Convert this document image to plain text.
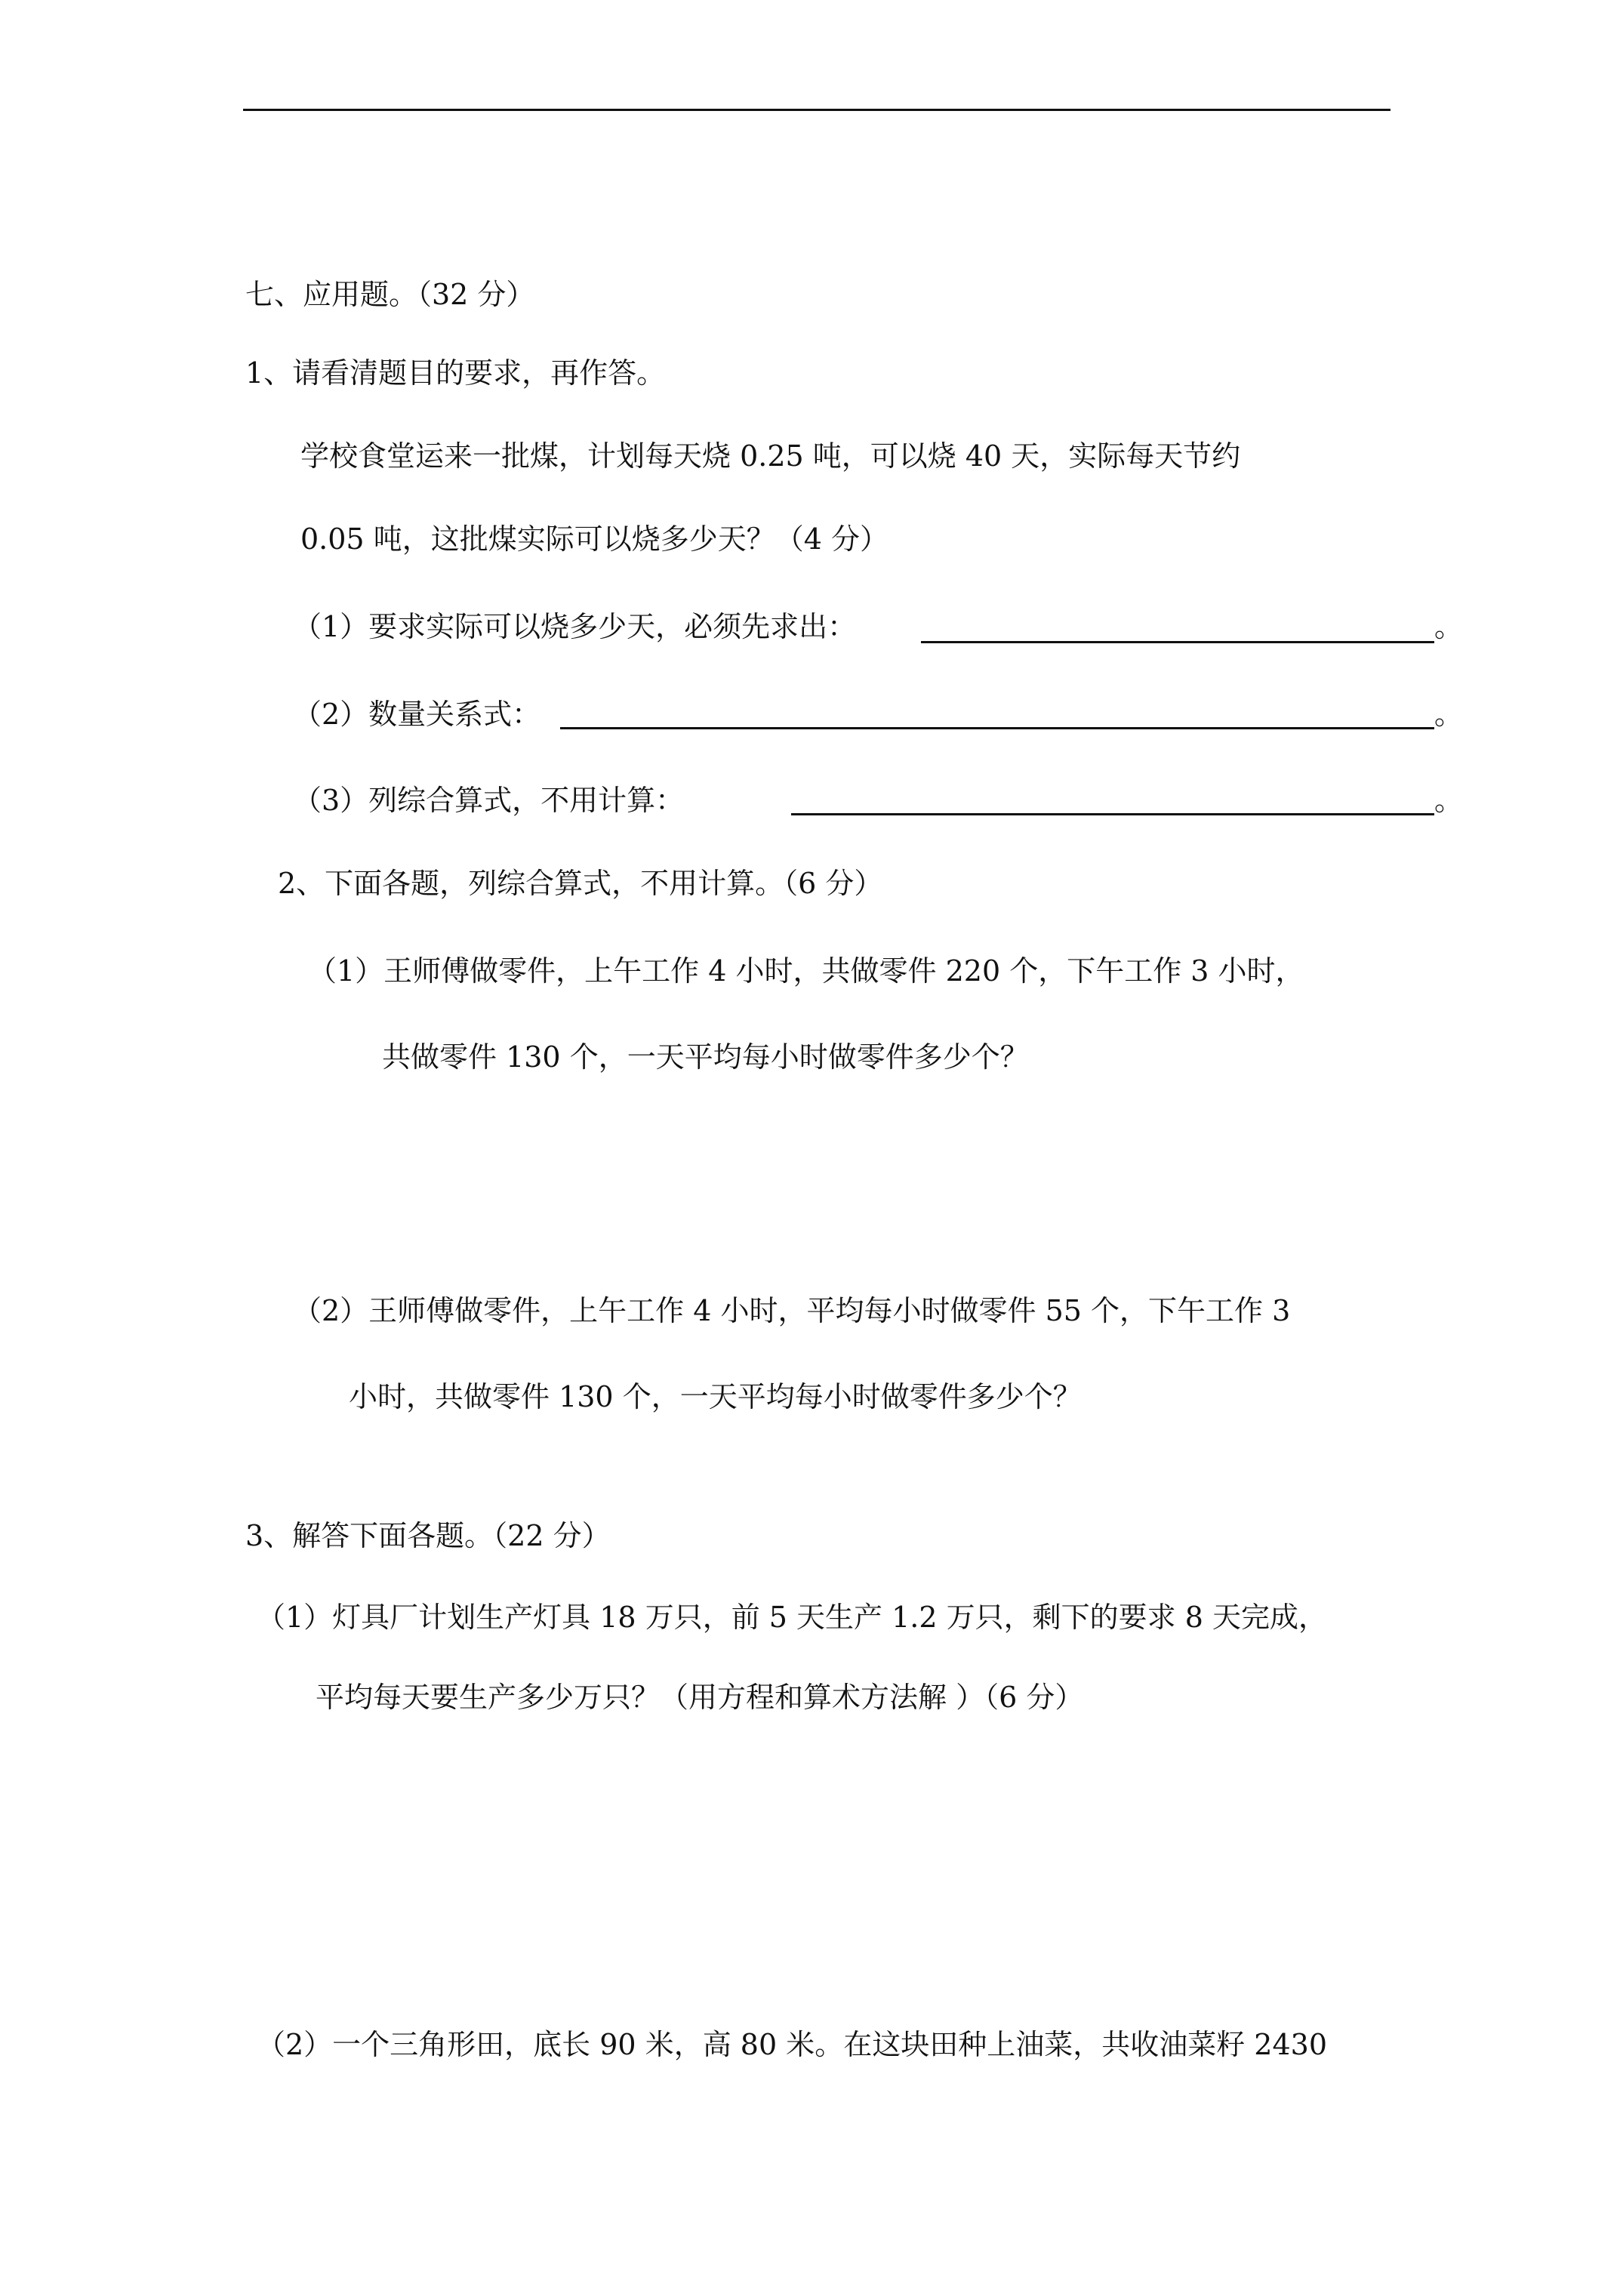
七、应用题。（32 分）
1、请看清题目的要求，再作答。
学校食堂运来一批煤，计划每天烧 0.25 吨，可以烧 40 天，实际每天节约
0.05 吨，这批煤实际可以烧多少天？（4 分）
（1）要求实际可以烧多少天，必须先求出：	。
（2）数量关系式：	。
（3）列综合算式，不用计算：	。
2、下面各题，列综合算式，不用计算。（6 分）
（1）王师傅做零件，上午工作 4 小时，共做零件 220 个，下午工作 3 小时，
共做零件 130 个，一天平均每小时做零件多少个？
（2）王师傅做零件，上午工作 4 小时，平均每小时做零件 55 个，下午工作 3
小时，共做零件 130 个，一天平均每小时做零件多少个？
3、解答下面各题。（22 分）
（1）灯具厂计划生产灯具 18 万只，前 5 天生产 1.2 万只，剩下的要求 8 天完成，
平均每天要生产多少万只？（用方程和算术方法解 ）（6 分）
（2）一个三角形田，底长 90 米，高 80 米。在这块田种上油菜，共收油菜籽 2430
